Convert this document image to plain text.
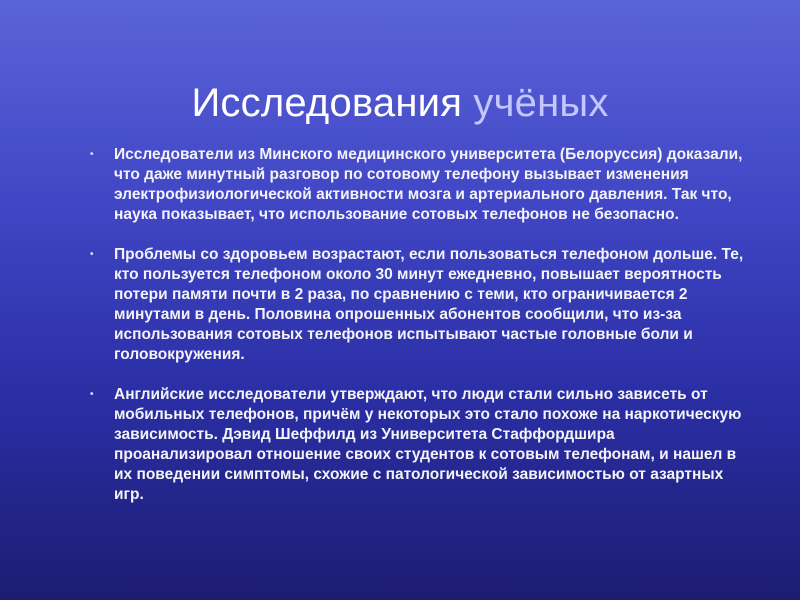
Исследования учёных
• Исследователи из Минского медицинского университета (Белоруссия) доказали, что даже минутный разговор по сотовому телефону вызывает изменения электрофизиологической активности мозга и артериального давления. Так что, наука показывает, что использование сотовых телефонов не безопасно.
• Проблемы со здоровьем возрастают, если пользоваться телефоном дольше. Те, кто пользуется телефоном около 30 минут ежедневно, повышает вероятность потери памяти почти в 2 раза, по сравнению с теми, кто ограничивается 2 минутами в день. Половина опрошенных абонентов сообщили, что из-за использования сотовых телефонов испытывают частые головные боли и головокружения.
• Английские исследователи утверждают, что люди стали сильно зависеть от мобильных телефонов, причём у некоторых это стало похоже на наркотическую зависимость. Дэвид Шеффилд из Университета Стаффордшира проанализировал отношение своих студентов к сотовым телефонам, и нашел в их поведении симптомы, схожие с патологической зависимостью от азартных игр.
